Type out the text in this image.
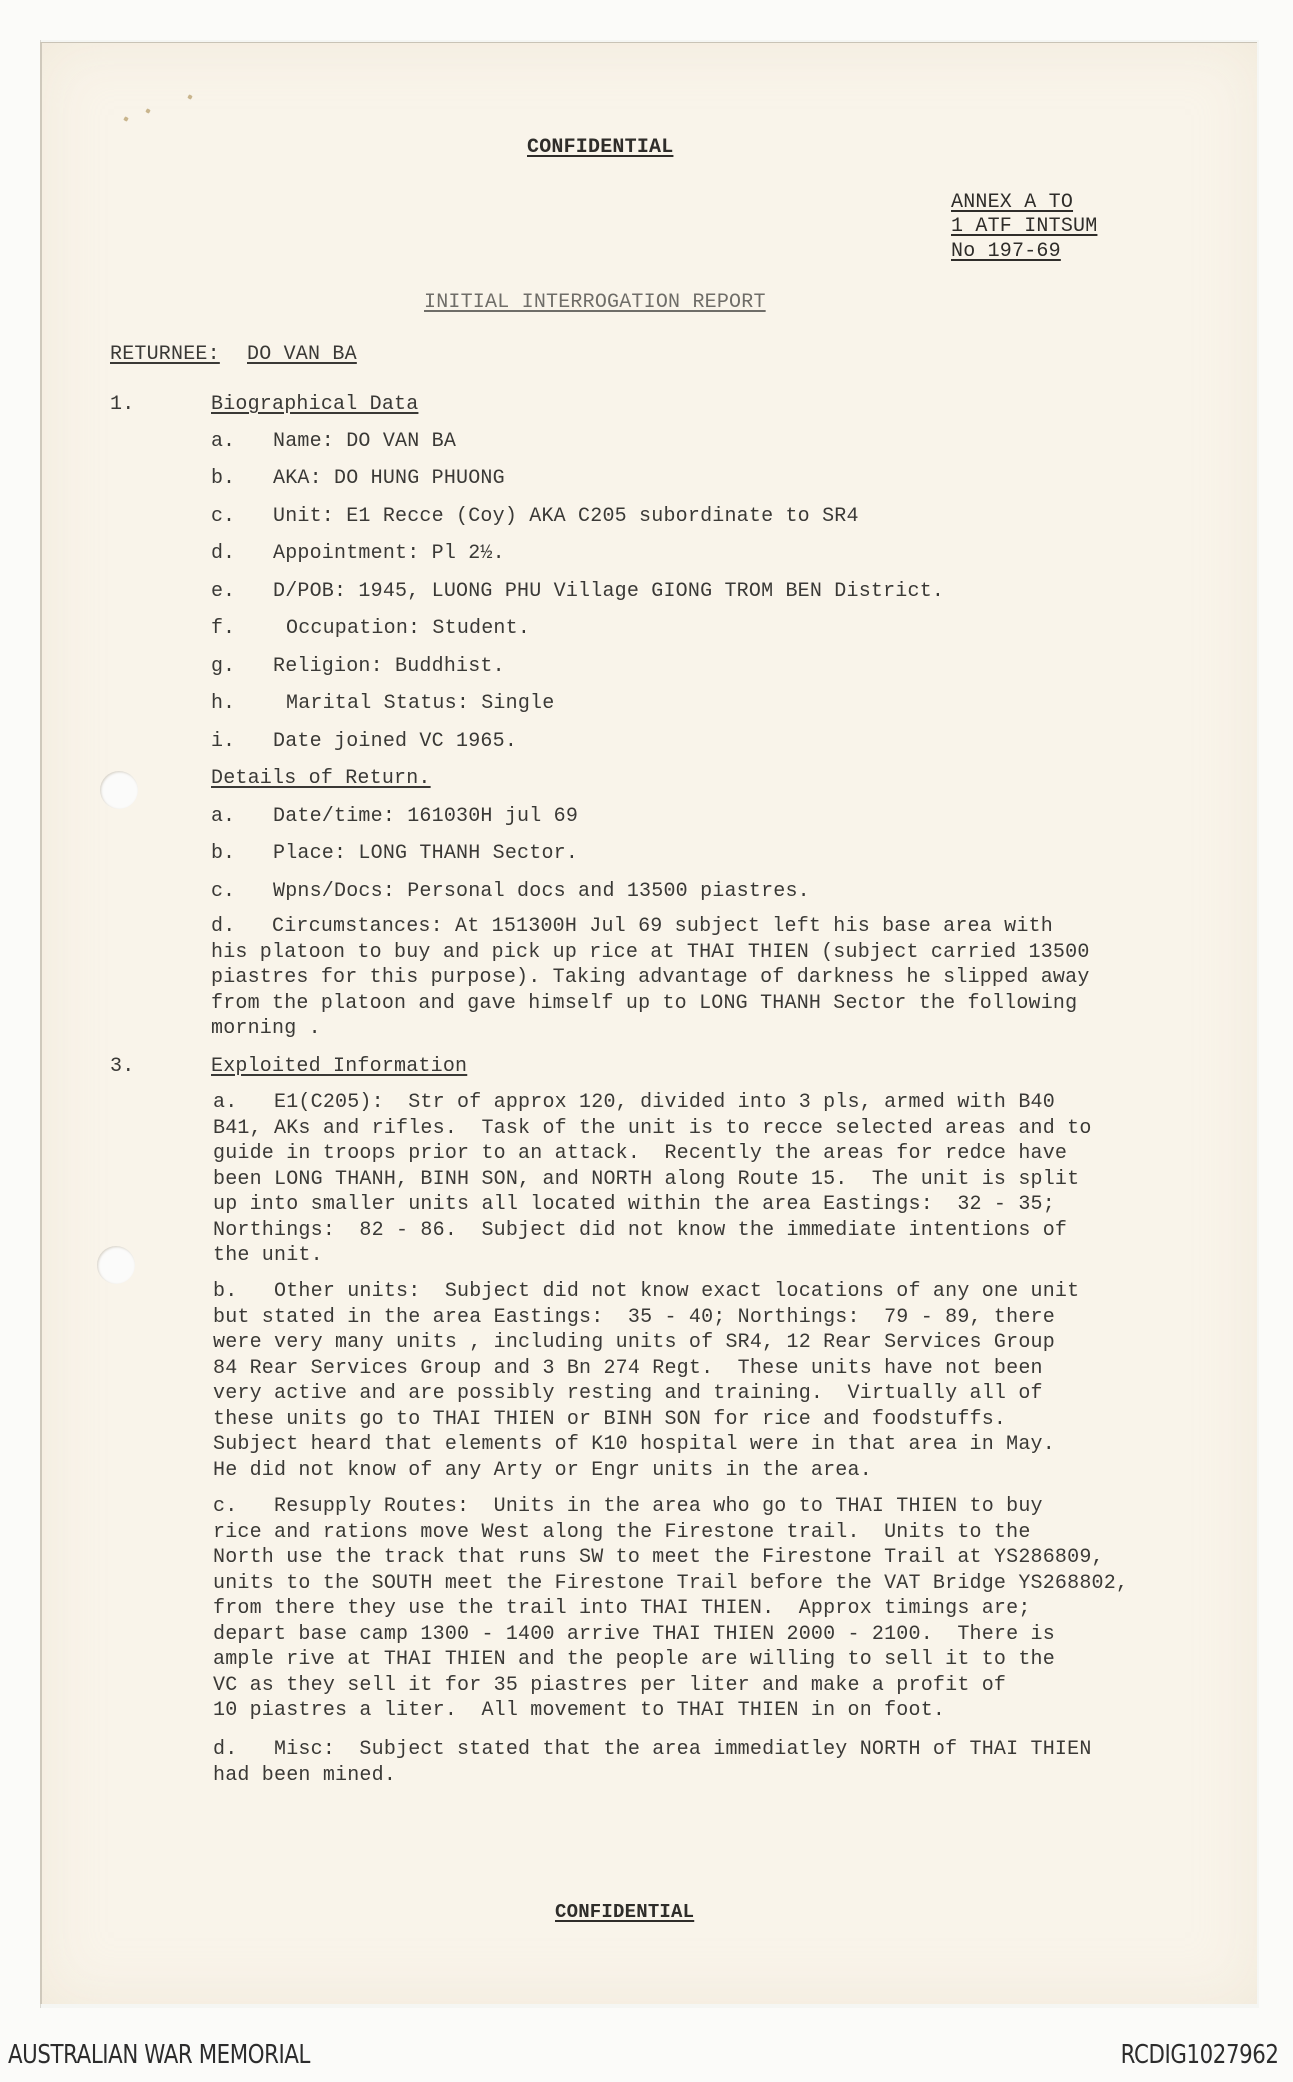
CONFIDENTIAL
ANNEX A TO
1 ATF INTSUM
No 197-69
INITIAL INTERROGATION REPORT
RETURNEE: DO VAN BA
1.	Biographical Data
a. Name: DO VAN BA
b. AKA: DO HUNG PHUONG
c. Unit: E1 Recce (Coy) AKA C205 subordinate to SR4
d. Appointment: Pl 2½.
e. D/POB: 1945, LUONG PHU Village GIONG TROM BEN District.
f.	Occupation: Student.
g. Religion: Buddhist.
h.	Marital Status: Single
i. Date joined VC 1965.
Details of Return.
a. Date/time: 161030H jul 69
b. Place: LONG THANH Sector.
c. Wpns/Docs: Personal docs and 13500 piastres.
d.   Circumstances: At 151300H Jul 69 subject left his base area with
his platoon to buy and pick up rice at THAI THIEN (subject carried 13500
piastres for this purpose). Taking advantage of darkness he slipped away
from the platoon and gave himself up to LONG THANH Sector the following
morning .
3.	Exploited Information
a.   E1(C205):  Str of approx 120, divided into 3 pls, armed with B40
B41, AKs and rifles.  Task of the unit is to recce selected areas and to
guide in troops prior to an attack.  Recently the areas for redce have
been LONG THANH, BINH SON, and NORTH along Route 15.  The unit is split
up into smaller units all located within the area Eastings:  32 - 35;
Northings:  82 - 86.  Subject did not know the immediate intentions of
the unit.
b.   Other units:  Subject did not know exact locations of any one unit
but stated in the area Eastings:  35 - 40; Northings:  79 - 89, there
were very many units , including units of SR4, 12 Rear Services Group
84 Rear Services Group and 3 Bn 274 Regt.  These units have not been
very active and are possibly resting and training.  Virtually all of
these units go to THAI THIEN or BINH SON for rice and foodstuffs.
Subject heard that elements of K10 hospital were in that area in May.
He did not know of any Arty or Engr units in the area.
c.   Resupply Routes:  Units in the area who go to THAI THIEN to buy
rice and rations move West along the Firestone trail.  Units to the
North use the track that runs SW to meet the Firestone Trail at YS286809,
units to the SOUTH meet the Firestone Trail before the VAT Bridge YS268802,
from there they use the trail into THAI THIEN.  Approx timings are;
depart base camp 1300 - 1400 arrive THAI THIEN 2000 - 2100.  There is
ample rive at THAI THIEN and the people are willing to sell it to the
VC as they sell it for 35 piastres per liter and make a profit of
10 piastres a liter.  All movement to THAI THIEN in on foot.
d.   Misc:  Subject stated that the area immediatley NORTH of THAI THIEN
had been mined.
CONFIDENTIAL
AUSTRALIAN WAR MEMORIAL	RCDIG1027962
